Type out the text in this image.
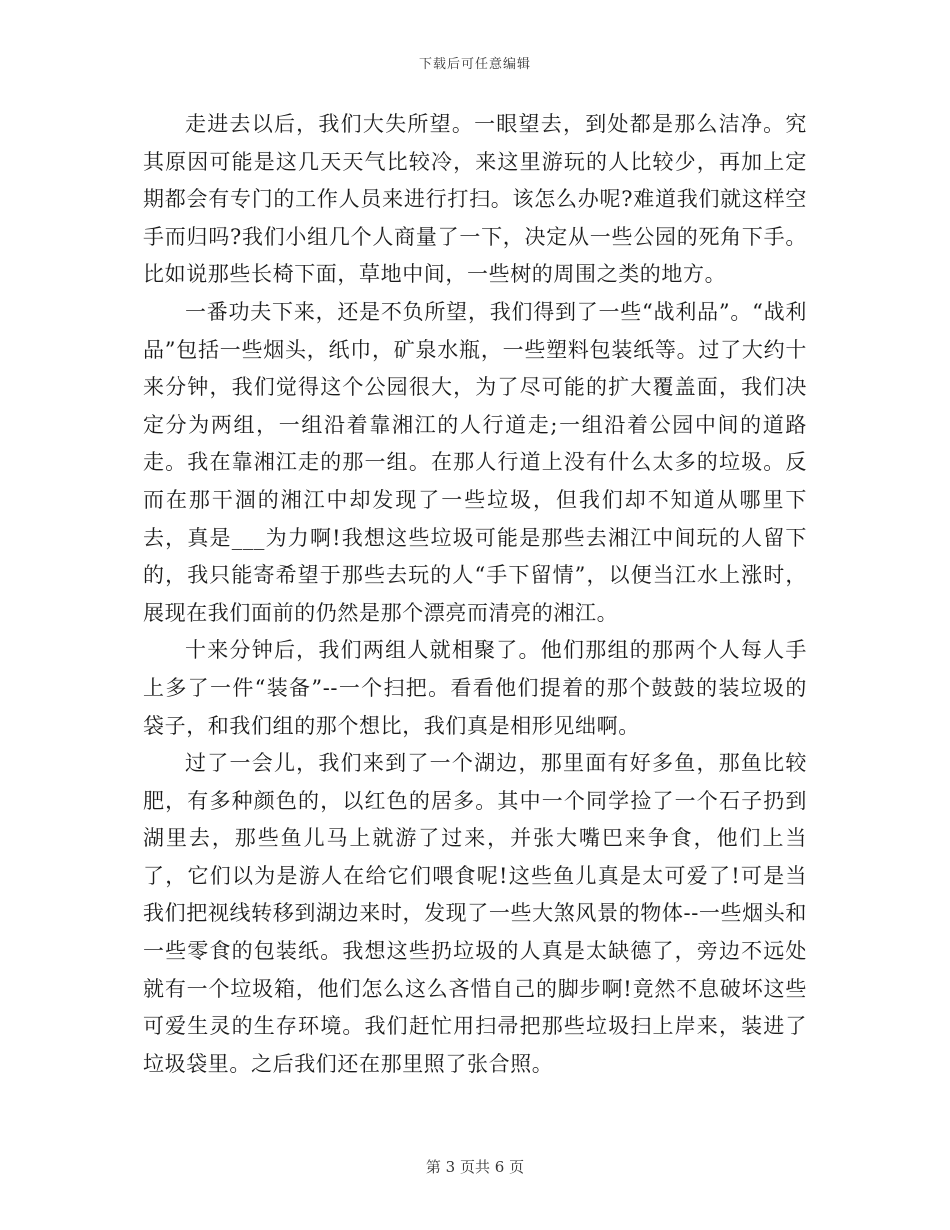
下载后可任意编辑

走进去以后，我们大失所望。一眼望去，到处都是那么洁净。究其原因可能是这几天天气比较冷，来这里游玩的人比较少，再加上定期都会有专门的工作人员来进行打扫。该怎么办呢?难道我们就这样空手而归吗?我们小组几个人商量了一下，决定从一些公园的死角下手。比如说那些长椅下面，草地中间，一些树的周围之类的地方。

一番功夫下来，还是不负所望，我们得到了一些“战利品”。“战利品”包括一些烟头，纸巾，矿泉水瓶，一些塑料包装纸等。过了大约十来分钟，我们觉得这个公园很大，为了尽可能的扩大覆盖面，我们决定分为两组，一组沿着靠湘江的人行道走;一组沿着公园中间的道路走。我在靠湘江走的那一组。在那人行道上没有什么太多的垃圾。反而在那干涸的湘江中却发现了一些垃圾，但我们却不知道从哪里下去，真是___为力啊!我想这些垃圾可能是那些去湘江中间玩的人留下的，我只能寄希望于那些去玩的人“手下留情”，以便当江水上涨时，展现在我们面前的仍然是那个漂亮而清亮的湘江。

十来分钟后，我们两组人就相聚了。他们那组的那两个人每人手上多了一件“装备”--一个扫把。看看他们提着的那个鼓鼓的装垃圾的袋子，和我们组的那个想比，我们真是相形见绌啊。

过了一会儿，我们来到了一个湖边，那里面有好多鱼，那鱼比较肥，有多种颜色的，以红色的居多。其中一个同学捡了一个石子扔到湖里去，那些鱼儿马上就游了过来，并张大嘴巴来争食，他们上当了，它们以为是游人在给它们喂食呢!这些鱼儿真是太可爱了!可是当我们把视线转移到湖边来时，发现了一些大煞风景的物体--一些烟头和一些零食的包装纸。我想这些扔垃圾的人真是太缺德了，旁边不远处就有一个垃圾箱，他们怎么这么吝惜自己的脚步啊!竟然不息破坏这些可爱生灵的生存环境。我们赶忙用扫帚把那些垃圾扫上岸来，装进了垃圾袋里。之后我们还在那里照了张合照。

第 3 页共 6 页
